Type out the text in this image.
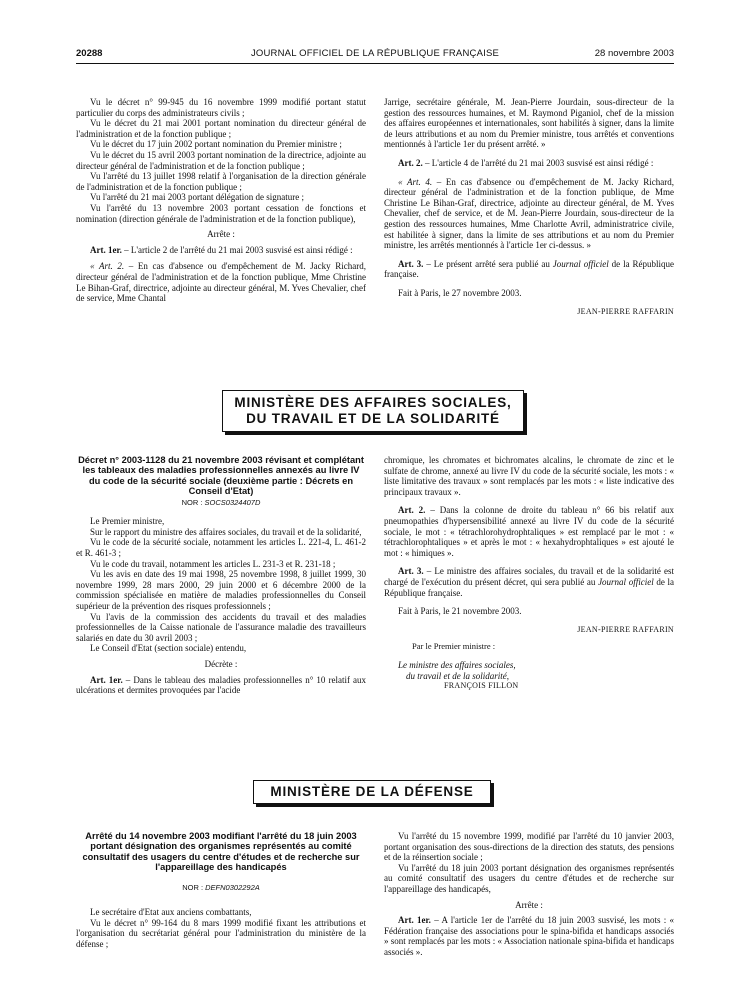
20288	JOURNAL OFFICIEL DE LA RÉPUBLIQUE FRANÇAISE	28 novembre 2003

Vu le décret n° 99-945 du 16 novembre 1999 modifié portant statut particulier du corps des administrateurs civils ;

Vu le décret du 21 mai 2001 portant nomination du directeur général de l'administration et de la fonction publique ;

Vu le décret du 17 juin 2002 portant nomination du Premier ministre ;

Vu le décret du 15 avril 2003 portant nomination de la directrice, adjointe au directeur général de l'administration et de la fonction publique ;

Vu l'arrêté du 13 juillet 1998 relatif à l'organisation de la direction générale de l'administration et de la fonction publique ;

Vu l'arrêté du 21 mai 2003 portant délégation de signature ;

Vu l'arrêté du 13 novembre 2003 portant cessation de fonctions et nomination (direction générale de l'administration et de la fonction publique),

Arrête :

Art. 1er. – L'article 2 de l'arrêté du 21 mai 2003 susvisé est ainsi rédigé :

« Art. 2. – En cas d'absence ou d'empêchement de M. Jacky Richard, directeur général de l'administration et de la fonction publique, Mme Christine Le Bihan-Graf, directrice, adjointe au directeur général, M. Yves Chevalier, chef de service, Mme Chantal

Jarrige, secrétaire générale, M. Jean-Pierre Jourdain, sous-directeur de la gestion des ressources humaines, et M. Raymond Piganiol, chef de la mission des affaires européennes et internationales, sont habilités à signer, dans la limite de leurs attributions et au nom du Premier ministre, tous arrêtés et conventions mentionnés à l'article 1er du présent arrêté. »

Art. 2. – L'article 4 de l'arrêté du 21 mai 2003 susvisé est ainsi rédigé :

« Art. 4. – En cas d'absence ou d'empêchement de M. Jacky Richard, directeur général de l'administration et de la fonction publique, de Mme Christine Le Bihan-Graf, directrice, adjointe au directeur général, de M. Yves Chevalier, chef de service, et de M. Jean-Pierre Jourdain, sous-directeur de la gestion des ressources humaines, Mme Charlotte Avril, administratrice civile, est habilitée à signer, dans la limite de ses attributions et au nom du Premier ministre, les arrêtés mentionnés à l'article 1er ci-dessus. »

Art. 3. – Le présent arrêté sera publié au Journal officiel de la République française.

Fait à Paris, le 27 novembre 2003.

JEAN-PIERRE RAFFARIN

MINISTÈRE DES AFFAIRES SOCIALES,
DU TRAVAIL ET DE LA SOLIDARITÉ

Décret n° 2003-1128 du 21 novembre 2003 révisant et complétant les tableaux des maladies professionnelles annexés au livre IV du code de la sécurité sociale (deuxième partie : Décrets en Conseil d'Etat)

NOR : SOCS0324407D

Le Premier ministre,

Sur le rapport du ministre des affaires sociales, du travail et de la solidarité,

Vu le code de la sécurité sociale, notamment les articles L. 221-4, L. 461-2 et R. 461-3 ;

Vu le code du travail, notamment les articles L. 231-3 et R. 231-18 ;

Vu les avis en date des 19 mai 1998, 25 novembre 1998, 8 juillet 1999, 30 novembre 1999, 28 mars 2000, 29 juin 2000 et 6 décembre 2000 de la commission spécialisée en matière de maladies professionnelles du Conseil supérieur de la prévention des risques professionnels ;

Vu l'avis de la commission des accidents du travail et des maladies professionnelles de la Caisse nationale de l'assurance maladie des travailleurs salariés en date du 30 avril 2003 ;

Le Conseil d'Etat (section sociale) entendu,

Décrète :

Art. 1er. – Dans le tableau des maladies professionnelles n° 10 relatif aux ulcérations et dermites provoquées par l'acide

chromique, les chromates et bichromates alcalins, le chromate de zinc et le sulfate de chrome, annexé au livre IV du code de la sécurité sociale, les mots : « liste limitative des travaux » sont remplacés par les mots : « liste indicative des principaux travaux ».

Art. 2. – Dans la colonne de droite du tableau n° 66 bis relatif aux pneumopathies d'hypersensibilité annexé au livre IV du code de la sécurité sociale, le mot : « tétrachlorohydrophtaliques » est remplacé par le mot : « tétrachlorophtaliques » et après le mot : « hexahydrophtaliques » est ajouté le mot : « himiques ».

Art. 3. – Le ministre des affaires sociales, du travail et de la solidarité est chargé de l'exécution du présent décret, qui sera publié au Journal officiel de la République française.

Fait à Paris, le 21 novembre 2003.

JEAN-PIERRE RAFFARIN

Par le Premier ministre :

Le ministre des affaires sociales,

du travail et de la solidarité,

FRANÇOIS FILLON

MINISTÈRE DE LA DÉFENSE

Arrêté du 14 novembre 2003 modifiant l'arrêté du 18 juin 2003 portant désignation des organismes représentés au comité consultatif des usagers du centre d'études et de recherche sur l'appareillage des handicapés

NOR : DEFN0302292A

Le secrétaire d'Etat aux anciens combattants,

Vu le décret n° 99-164 du 8 mars 1999 modifié fixant les attributions et l'organisation du secrétariat général pour l'administration du ministère de la défense ;

Vu l'arrêté du 15 novembre 1999, modifié par l'arrêté du 10 janvier 2003, portant organisation des sous-directions de la direction des statuts, des pensions et de la réinsertion sociale ;

Vu l'arrêté du 18 juin 2003 portant désignation des organismes représentés au comité consultatif des usagers du centre d'études et de recherche sur l'appareillage des handicapés,

Arrête :

Art. 1er. – A l'article 1er de l'arrêté du 18 juin 2003 susvisé, les mots : « Fédération française des associations pour le spina-bifida et handicaps associés » sont remplacés par les mots : « Association nationale spina-bifida et handicaps associés ».
